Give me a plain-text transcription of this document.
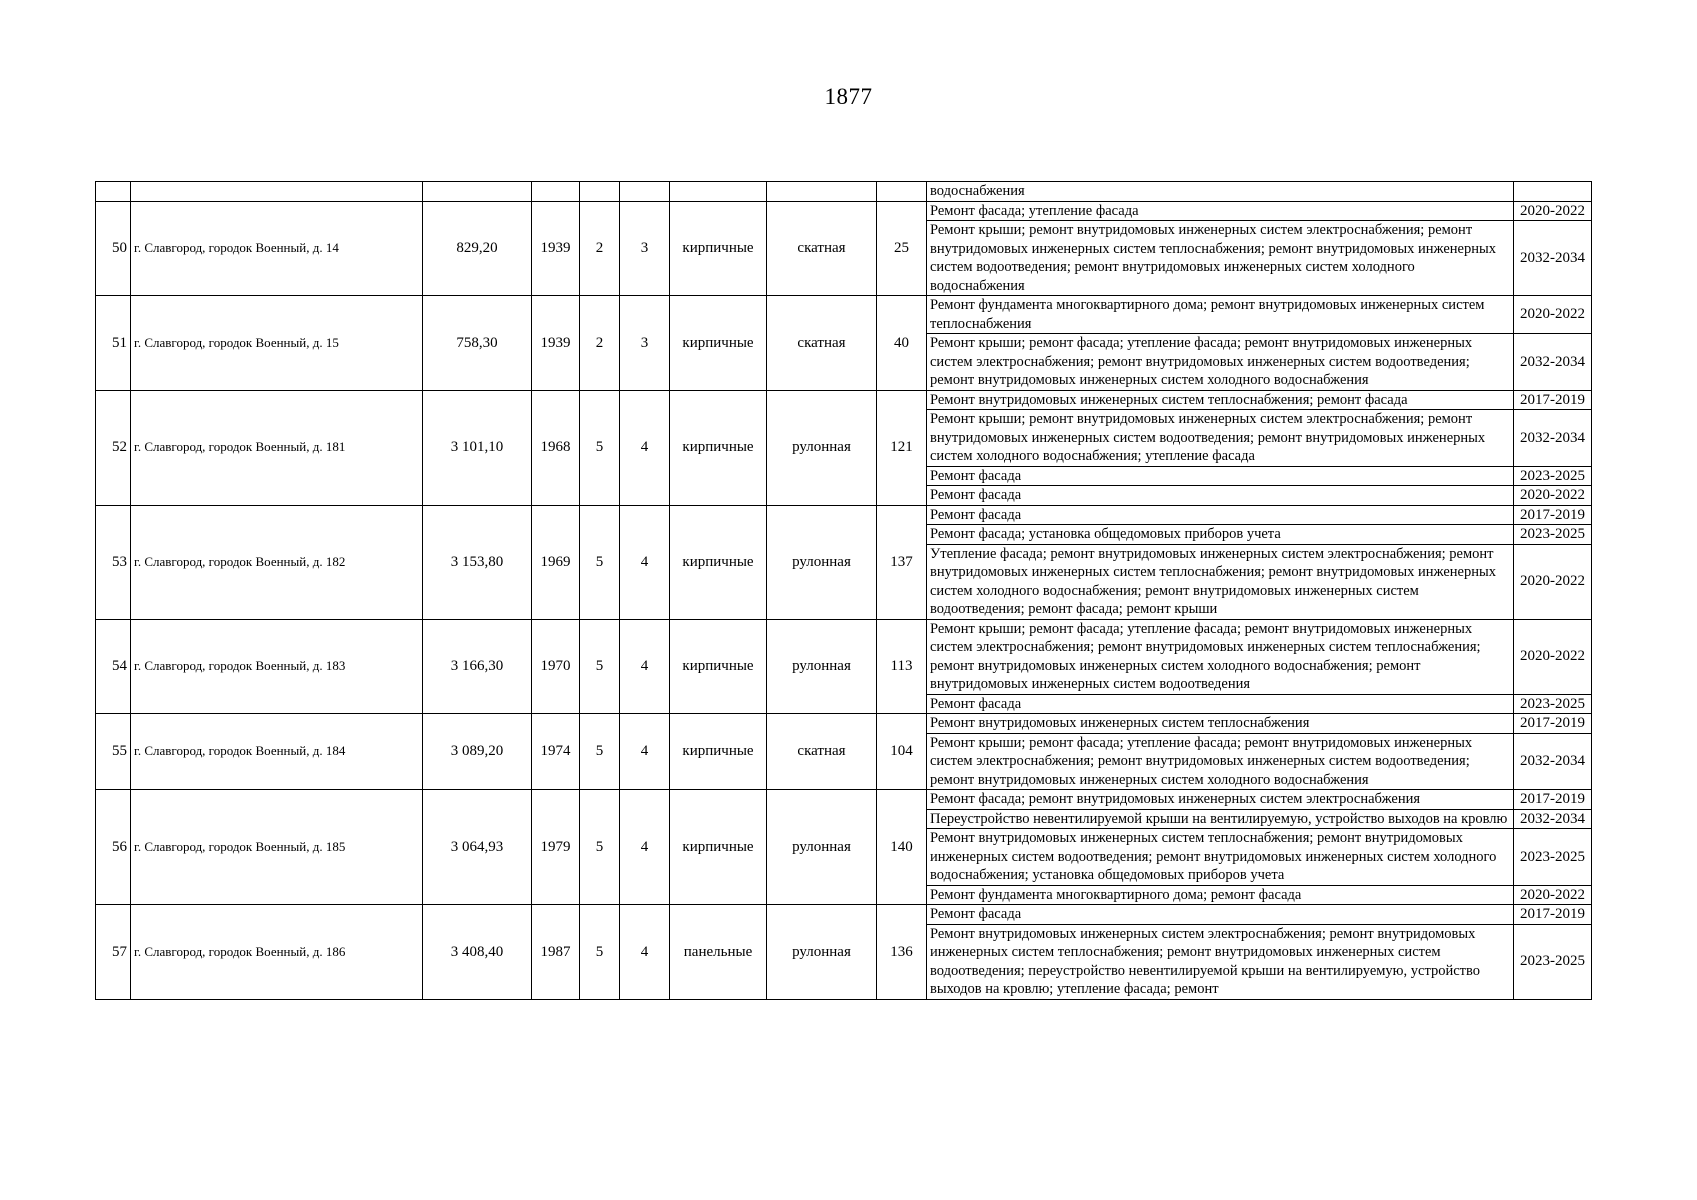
1877
									водоснабжения	
50	г. Славгород, городок Военный, д. 14	829,20	1939	2	3	кирпичные	скатная	25	Ремонт фасада; утепление фасада	2020-2022
									Ремонт крыши; ремонт внутридомовых инженерных систем электроснабжения; ремонт внутридомовых инженерных систем теплоснабжения; ремонт внутридомовых инженерных систем водоотведения; ремонт внутридомовых инженерных систем холодного водоснабжения	2032-2034
51	г. Славгород, городок Военный, д. 15	758,30	1939	2	3	кирпичные	скатная	40	Ремонт фундамента многоквартирного дома; ремонт внутридомовых инженерных систем теплоснабжения	2020-2022
									Ремонт крыши; ремонт фасада; утепление фасада; ремонт внутридомовых инженерных систем электроснабжения; ремонт внутридомовых инженерных систем водоотведения; ремонт внутридомовых инженерных систем холодного водоснабжения	2032-2034
52	г. Славгород, городок Военный, д. 181	3 101,10	1968	5	4	кирпичные	рулонная	121	Ремонт внутридомовых инженерных систем теплоснабжения; ремонт фасада	2017-2019
									Ремонт крыши; ремонт внутридомовых инженерных систем электроснабжения; ремонт внутридомовых инженерных систем водоотведения; ремонт внутридомовых инженерных систем холодного водоснабжения; утепление фасада	2032-2034
									Ремонт фасада	2023-2025
									Ремонт фасада	2020-2022
53	г. Славгород, городок Военный, д. 182	3 153,80	1969	5	4	кирпичные	рулонная	137	Ремонт фасада	2017-2019
									Ремонт фасада; установка общедомовых приборов учета	2023-2025
									Утепление фасада; ремонт внутридомовых инженерных систем электроснабжения; ремонт внутридомовых инженерных систем теплоснабжения; ремонт внутридомовых инженерных систем холодного водоснабжения; ремонт внутридомовых инженерных систем водоотведения; ремонт фасада; ремонт крыши	2020-2022
54	г. Славгород, городок Военный, д. 183	3 166,30	1970	5	4	кирпичные	рулонная	113	Ремонт крыши; ремонт фасада; утепление фасада; ремонт внутридомовых инженерных систем электроснабжения; ремонт внутридомовых инженерных систем теплоснабжения; ремонт внутридомовых инженерных систем холодного водоснабжения; ремонт внутридомовых инженерных систем водоотведения	2020-2022
									Ремонт фасада	2023-2025
55	г. Славгород, городок Военный, д. 184	3 089,20	1974	5	4	кирпичные	скатная	104	Ремонт внутридомовых инженерных систем теплоснабжения	2017-2019
									Ремонт крыши; ремонт фасада; утепление фасада; ремонт внутридомовых инженерных систем электроснабжения; ремонт внутридомовых инженерных систем водоотведения; ремонт внутридомовых инженерных систем холодного водоснабжения	2032-2034
56	г. Славгород, городок Военный, д. 185	3 064,93	1979	5	4	кирпичные	рулонная	140	Ремонт фасада; ремонт внутридомовых инженерных систем электроснабжения	2017-2019
									Переустройство невентилируемой крыши на вентилируемую, устройство выходов на кровлю	2032-2034
									Ремонт внутридомовых инженерных систем теплоснабжения; ремонт внутридомовых инженерных систем водоотведения; ремонт внутридомовых инженерных систем холодного водоснабжения; установка общедомовых приборов учета	2023-2025
									Ремонт фундамента многоквартирного дома; ремонт фасада	2020-2022
57	г. Славгород, городок Военный, д. 186	3 408,40	1987	5	4	панельные	рулонная	136	Ремонт фасада	2017-2019
									Ремонт внутридомовых инженерных систем электроснабжения; ремонт внутридомовых инженерных систем теплоснабжения; ремонт внутридомовых инженерных систем водоотведения; переустройство невентилируемой крыши на вентилируемую, устройство выходов на кровлю; утепление фасада; ремонт	2023-2025
